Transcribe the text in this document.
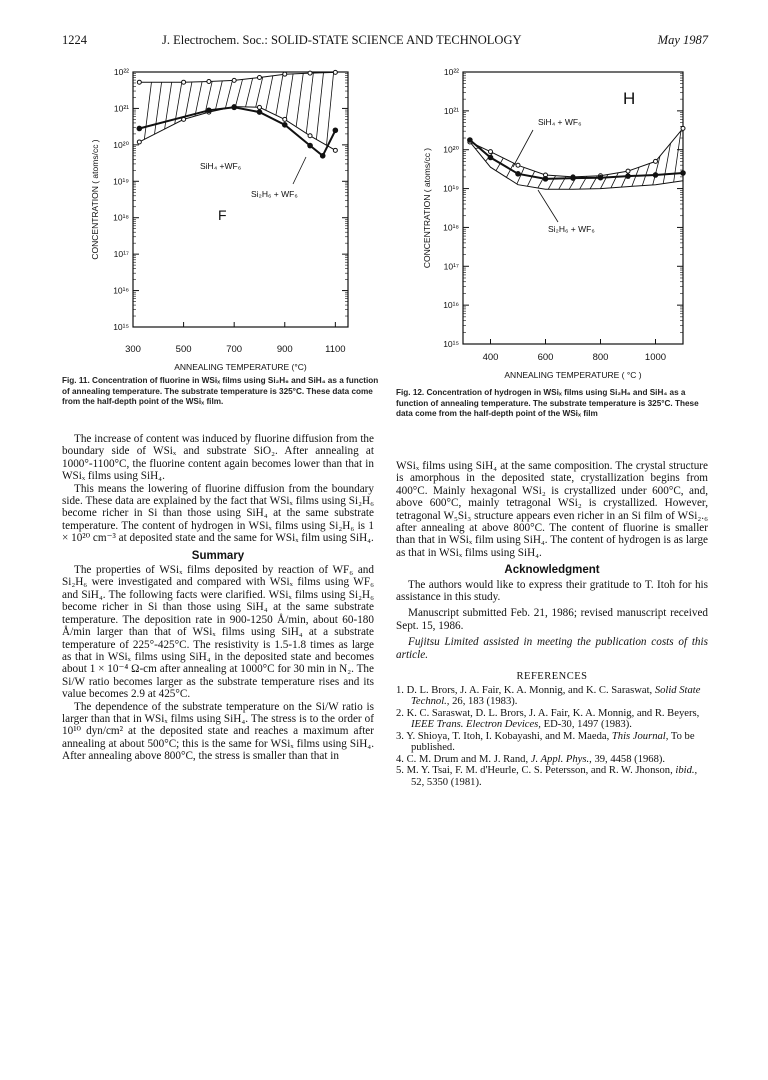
1224	J. Electrochem. Soc.: SOLID-STATE SCIENCE AND TECHNOLOGY	May 1987
10²²
10²¹
10²⁰
10¹⁹
10¹⁸
10¹⁷
10¹⁶
10¹⁵
300	500	700	900	1100
ANNEALING TEMPERATURE (°C)
CONCENTRATION ( atoms/cc )	SiH₄ +WF₆
Si₂H₆ + WF₆
F
Fig. 11. Concentration of fluorine in WSiₓ films using Si₂H₆ and SiH₄ as a function of annealing temperature. The substrate temperature is 325°C. These data come from the half-depth point of the WSiₓ film.
10²²
10²¹
10²⁰
10¹⁹
10¹⁸
10¹⁷
10¹⁶
10¹⁵
400	600	800	1000
ANNEALING TEMPERATURE ( °C )
CONCENTRATION ( atoms/cc )
SiH₄ + WF₆
Si₂H₆ + WF₆
H
Fig. 12. Concentration of hydrogen in WSiₓ films using Si₂H₆ and SiH₄ as a function of annealing temperature. The substrate temperature is 325°C. These data come from the half-depth point of the WSiₓ film

The increase of content was induced by fluorine diffusion from the boundary side of WSiₓ and substrate SiO₂. After annealing at 1000°-1100°C, the fluorine content again becomes lower than that in WSiₓ films using SiH₄.

This means the lowering of fluorine diffusion from the boundary side. These data are explained by the fact that WSiₓ films using Si₂H₆ become richer in Si than those using SiH₄ at the same substrate temperature. The content of hydrogen in WSiₓ films using Si₂H₆ is 1 × 10²⁰ cm⁻³ at deposited state and the same for WSiₓ film using SiH₄.

Summary

The properties of WSiₓ films deposited by reaction of WF₆ and Si₂H₆ were investigated and compared with WSiₓ films using WF₆ and SiH₄. The following facts were clarified. WSiₓ films using Si₂H₆ become richer in Si than those using SiH₄ at the same substrate temperature. The deposition rate in 900-1250 Å/min, about 60-180 Å/min larger than that of WSiₓ films using SiH₄ at a substrate temperature of 225°-425°C. The resistivity is 1.5-1.8 times as large as that in WSiₓ films using SiH₄ in the deposited state and becomes about 1 × 10⁻⁴ Ω-cm after annealing at 1000°C for 30 min in N₂. The Si/W ratio becomes larger as the substrate temperature rises and its value becomes 2.9 at 425°C.

The dependence of the substrate temperature on the Si/W ratio is larger than that in WSiₓ films using SiH₄. The stress is to the order of 10¹⁰ dyn/cm² at the deposited state and reaches a maximum after annealing at about 500°C; this is the same for WSiₓ films using SiH₄. After annealing above 800°C, the stress is smaller than that in

WSiₓ films using SiH₄ at the same composition. The crystal structure is amorphous in the deposited state, crystallization begins from 400°C. Mainly hexagonal WSi₂ is crystallized under 600°C, and, above 600°C, mainly tetragonal WSi₂ is crystallized. However, tetragonal W₅Si₃ structure appears even richer in an Si film of WSi₂.₆ after annealing at above 800°C. The content of fluorine is smaller than that in WSiₓ film using SiH₄. The content of hydrogen is as large as that in WSiₓ films using SiH₄.

Acknowledgment

The authors would like to express their gratitude to T. Itoh for his assistance in this study.

Manuscript submitted Feb. 21, 1986; revised manuscript received Sept. 15, 1986.

Fujitsu Limited assisted in meeting the publication costs of this article.

REFERENCES

1. D. L. Brors, J. A. Fair, K. A. Monnig, and K. C. Saraswat, Solid State Technol., 26, 183 (1983).

2. K. C. Saraswat, D. L. Brors, J. A. Fair, K. A. Monnig, and R. Beyers, IEEE Trans. Electron Devices, ED-30, 1497 (1983).

3. Y. Shioya, T. Itoh, I. Kobayashi, and M. Maeda, This Journal, To be published.

4. C. M. Drum and M. J. Rand, J. Appl. Phys., 39, 4458 (1968).

5. M. Y. Tsai, F. M. d'Heurle, C. S. Petersson, and R. W. Jhonson, ibid., 52, 5350 (1981).
